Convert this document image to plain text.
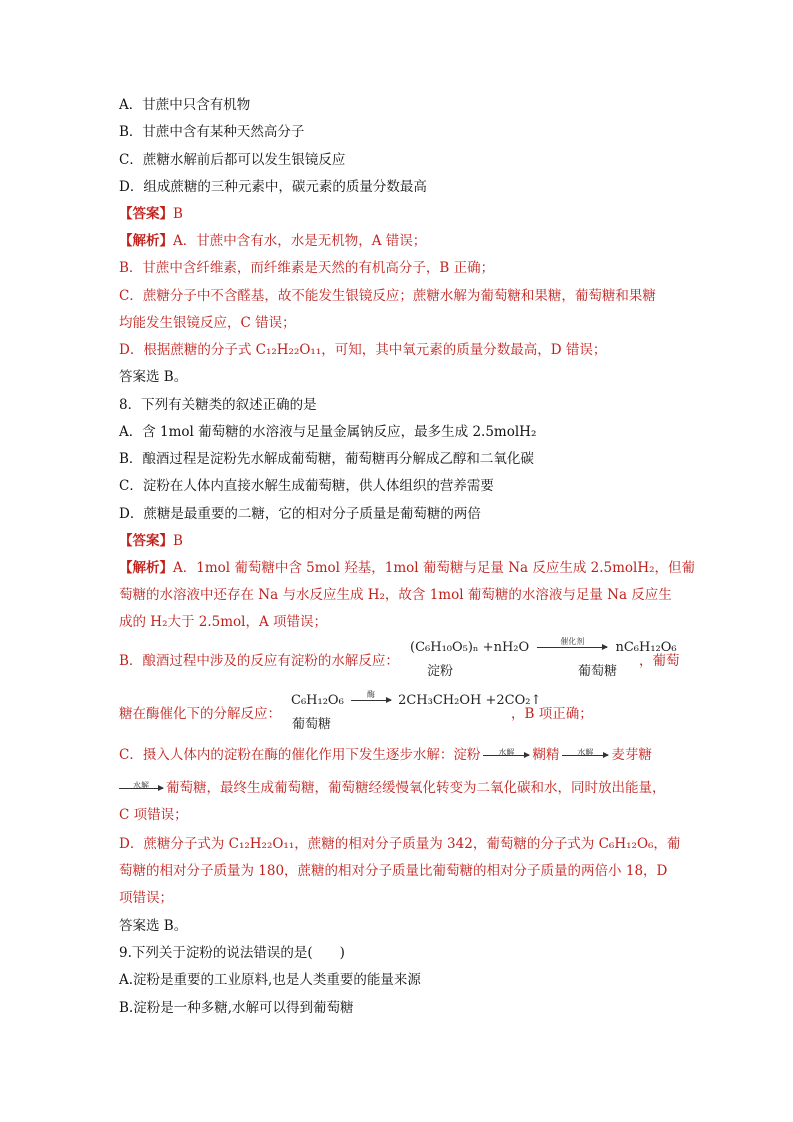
A．甘蔗中只含有机物
B．甘蔗中含有某种天然高分子
C．蔗糖水解前后都可以发生银镜反应
D．组成蔗糖的三种元素中，碳元素的质量分数最高
【答案】B
【解析】A．甘蔗中含有水，水是无机物，A 错误；
B．甘蔗中含纤维素，而纤维素是天然的有机高分子，B 正确；
C．蔗糖分子中不含醛基，故不能发生银镜反应；蔗糖水解为葡萄糖和果糖，葡萄糖和果糖
均能发生银镜反应，C 错误；
D．根据蔗糖的分子式 C₁₂H₂₂O₁₁，可知，其中氧元素的质量分数最高，D 错误；
答案选 B。
8．下列有关糖类的叙述正确的是
A．含 1mol 葡萄糖的水溶液与足量金属钠反应，最多生成 2.5molH₂
B．酿酒过程是淀粉先水解成葡萄糖，葡萄糖再分解成乙醇和二氧化碳
C．淀粉在人体内直接水解生成葡萄糖，供人体组织的营养需要
D．蔗糖是最重要的二糖，它的相对分子质量是葡萄糖的两倍
【答案】B
【解析】A．1mol 葡萄糖中含 5mol 羟基，1mol 葡萄糖与足量 Na 反应生成 2.5molH₂，但葡
萄糖的水溶液中还存在 Na 与水反应生成 H₂，故含 1mol 葡萄糖的水溶液与足量 Na 反应生
成的 H₂大于 2.5mol，A 项错误；
B．酿酒过程中涉及的反应有淀粉的水解反应：
(C₆H₁₀O₅)ₙ +nH₂O	催化剂	nC₆H₁₂O₆
淀粉	葡萄糖
，葡萄
糖在酶催化下的分解反应：
C₆H₁₂O₆	酶	2CH₃CH₂OH +2CO₂↑
葡萄糖
，B 项正确；
C．摄入人体内的淀粉在酶的催化作用下发生逐步水解：淀粉	水解	糊精	水解	麦芽糖
水解	葡萄糖，最终生成葡萄糖，葡萄糖经缓慢氧化转变为二氧化碳和水，同时放出能量，
C 项错误；
D．蔗糖分子式为 C₁₂H₂₂O₁₁，蔗糖的相对分子质量为 342，葡萄糖的分子式为 C₆H₁₂O₆，葡
萄糖的相对分子质量为 180，蔗糖的相对分子质量比葡萄糖的相对分子质量的两倍小 18，D
项错误；
答案选 B。
9.下列关于淀粉的说法错误的是(　　)
A.淀粉是重要的工业原料,也是人类重要的能量来源
B.淀粉是一种多糖,水解可以得到葡萄糖
